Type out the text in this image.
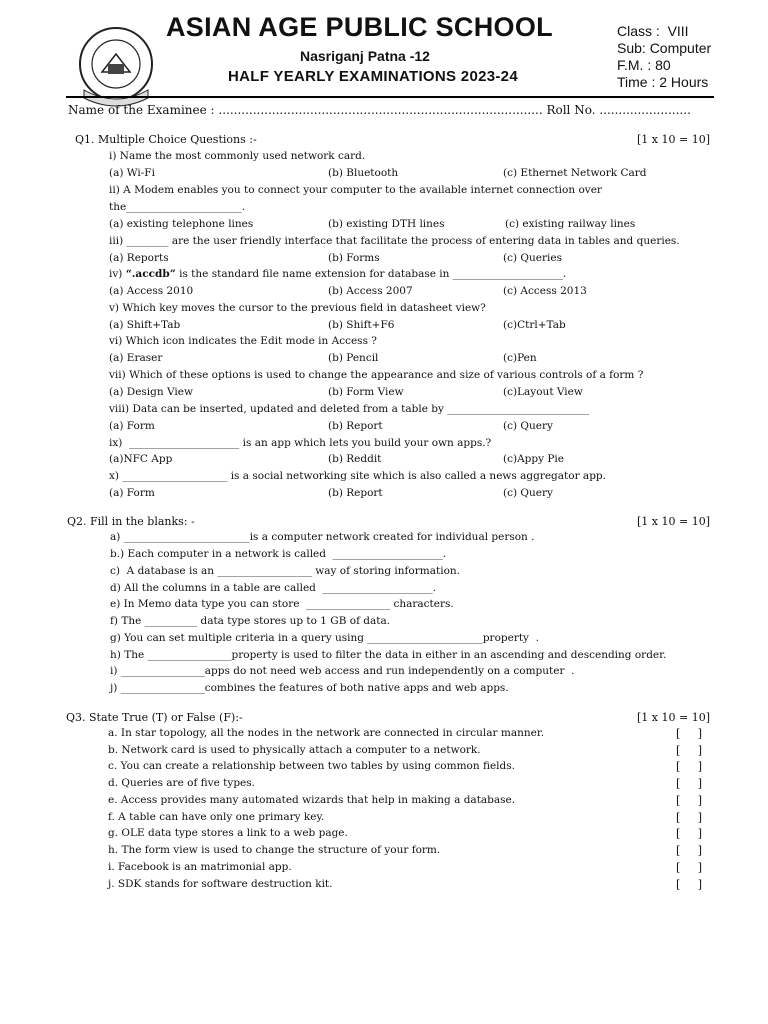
ASIAN AGE PUBLIC SCHOOL
Nasriganj Patna -12
HALF YEARLY EXAMINATIONS 2023-24
Class :  VIII
Sub: Computer
F.M. : 80
Time : 2 Hours
Name of the Examinee : ..................................................................................... Roll No. ........................
Q1. Multiple Choice Questions :-	[1 x 10 = 10]
i) Name the most commonly used network card.
(a) Wi-Fi	(b) Bluetooth	(c) Ethernet Network Card
ii) A Modem enables you to connect your computer to the available internet connection over
the______________________.
(a) existing telephone lines	(b) existing DTH lines	(c) existing railway lines
iii) ________ are the user friendly interface that facilitate the process of entering data in tables and queries.
(a) Reports	(b) Forms	(c) Queries
iv) “.accdb” is the standard file name extension for database in _____________________.
(a) Access 2010	(b) Access 2007	(c) Access 2013
v) Which key moves the cursor to the previous field in datasheet view?
(a) Shift+Tab	(b) Shift+F6	(c)Ctrl+Tab
vi) Which icon indicates the Edit mode in Access ?
(a) Eraser	(b) Pencil	(c)Pen
vii) Which of these options is used to change the appearance and size of various controls of a form ?
(a) Design View	(b) Form View	(c)Layout View
viii) Data can be inserted, updated and deleted from a table by ___________________________
(a) Form	(b) Report	(c) Query
ix)  _____________________ is an app which lets you build your own apps.?
(a)NFC App	(b) Reddit	(c)Appy Pie
x) ____________________ is a social networking site which is also called a news aggregator app.
(a) Form	(b) Report	(c) Query
Q2. Fill in the blanks: -	[1 x 10 = 10]
a) ________________________is a computer network created for individual person .
b.) Each computer in a network is called  _____________________.
c)  A database is an __________________ way of storing information.
d) All the columns in a table are called  _____________________.
e) In Memo data type you can store  ________________ characters.
f) The __________ data type stores up to 1 GB of data.
g) You can set multiple criteria in a query using ______________________property  .
h) The ________________property is used to filter the data in either in an ascending and descending order.
i) ________________apps do not need web access and run independently on a computer  .
j) ________________combines the features of both native apps and web apps.
Q3. State True (T) or False (F):-	[1 x 10 = 10]
a. In star topology, all the nodes in the network are connected in circular manner.	[     ]
b. Network card is used to physically attach a computer to a network.	[     ]
c. You can create a relationship between two tables by using common fields.	[     ]
d. Queries are of five types.	[     ]
e. Access provides many automated wizards that help in making a database.	[     ]
f. A table can have only one primary key.	[     ]
g. OLE data type stores a link to a web page.	[     ]
h. The form view is used to change the structure of your form.	[     ]
i. Facebook is an matrimonial app.	[     ]
j. SDK stands for software destruction kit.	[     ]
